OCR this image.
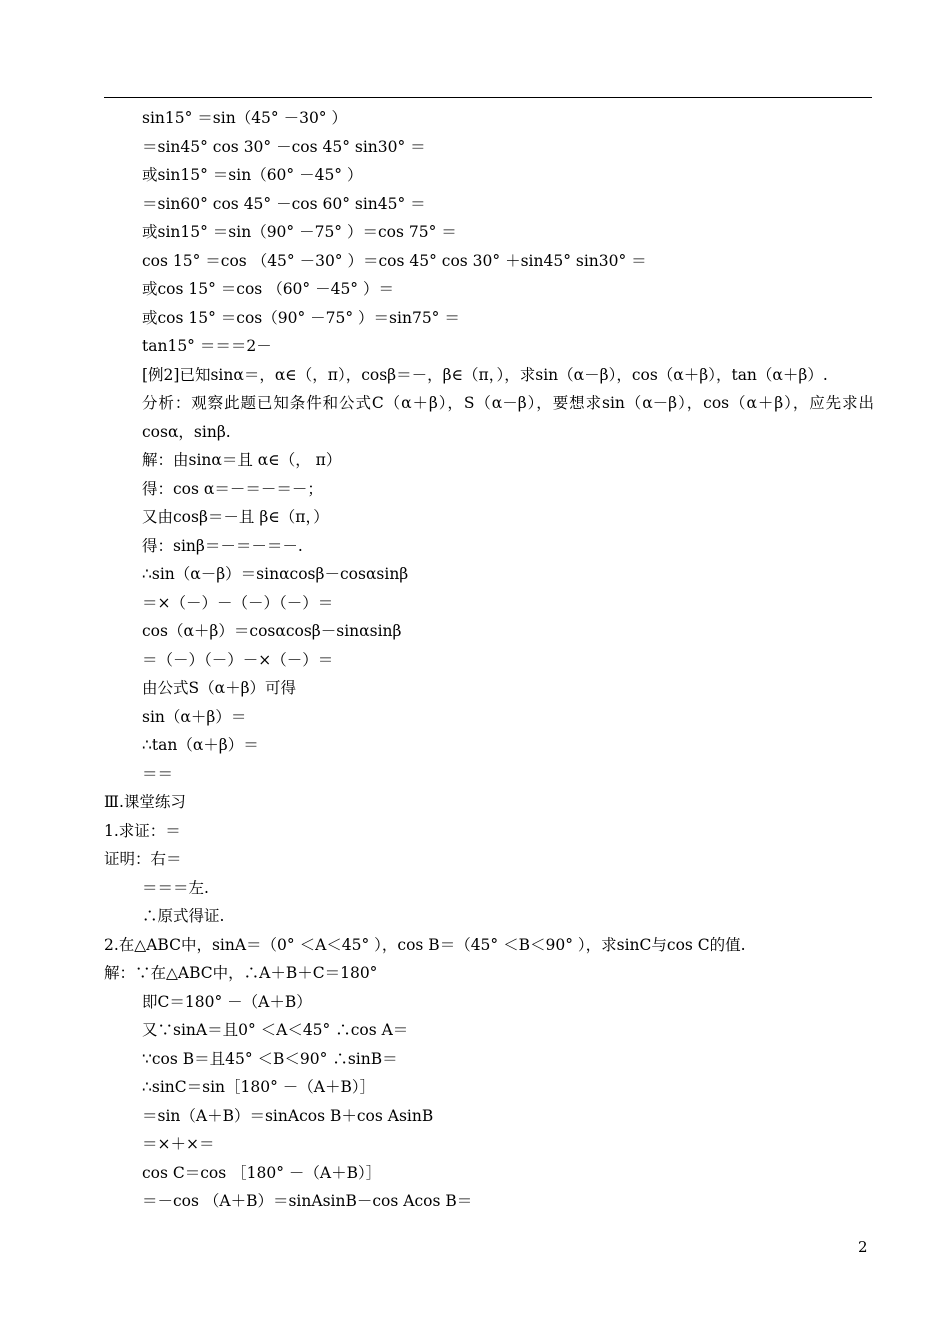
sin15° ＝sin（45° －30° ）
＝sin45° cos 30° －cos 45° sin30° ＝
或sin15° ＝sin（60° －45° ）
＝sin60° cos 45° －cos 60° sin45° ＝
或sin15° ＝sin（90° －75° ）＝cos 75° ＝
cos 15° ＝cos （45° －30° ）＝cos 45° cos 30° ＋sin45° sin30° ＝
或cos 15° ＝cos （60° －45° ）＝
或cos 15° ＝cos（90° －75° ）＝sin75° ＝
tan15° ＝＝＝2－
[例2]已知sinα＝，α∈（，π），cosβ＝－，β∈（π，），求sin（α－β），cos（α＋β），tan（α＋β）.
分析：观察此题已知条件和公式C（α＋β），S（α－β），要想求sin（α－β），cos（α＋β），应先求出cosα，sinβ.
解：由sinα＝且 α∈（， π）
得：cos α＝－＝－＝－；
又由cosβ＝－且 β∈（π，）
得：sinβ＝－＝－＝－.
∴sin（α－β）＝sinαcosβ－cosαsinβ
＝×（－）－（－）（－）＝
cos（α＋β）＝cosαcosβ－sinαsinβ
＝（－）（－）－×（－）＝
由公式S（α＋β）可得
sin（α＋β）＝
∴tan（α＋β）＝
＝＝
Ⅲ.课堂练习
1.求证：＝
证明：右＝
＝＝＝左.
∴原式得证.
2.在△ABC中，sinA＝（0° ＜A＜45° ），cos B＝（45° ＜B＜90° ），求sinC与cos C的值.
解：∵在△ABC中，∴A＋B＋C＝180°
即C＝180° －（A＋B）
又∵sinA＝且0° ＜A＜45° ∴cos A＝
∵cos B＝且45° ＜B＜90° ∴sinB＝
∴sinC＝sin［180° －（A＋B）］
＝sin（A＋B）＝sinAcos B＋cos AsinB
＝×＋×＝
cos C＝cos ［180° －（A＋B）］
＝－cos （A＋B）＝sinAsinB－cos Acos B＝
2
